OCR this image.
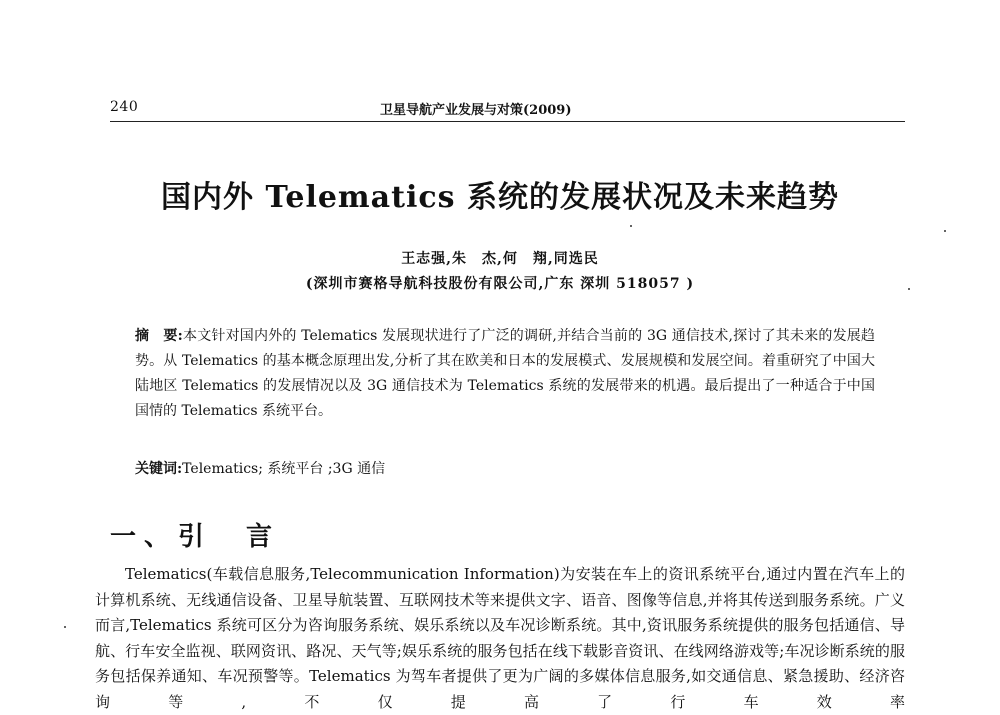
240	卫星导航产业发展与对策(2009)
国内外 Telematics 系统的发展状况及未来趋势
王志强,朱　杰,何　翔,同选民
(深圳市赛格导航科技股份有限公司,广东 深圳 518057 )
摘　要:本文针对国内外的 Telematics 发展现状进行了广泛的调研,并结合当前的 3G 通信技术,探讨了其未来的发展趋势。从 Telematics 的基本概念原理出发,分析了其在欧美和日本的发展模式、发展规模和发展空间。着重研究了中国大陆地区 Telematics 的发展情况以及 3G 通信技术为 Telematics 系统的发展带来的机遇。最后提出了一种适合于中国国情的 Telematics 系统平台。
关键词:Telematics; 系统平台 ;3G 通信
一、引　言

Telematics(车载信息服务,Telecommunication Information)为安装在车上的资讯系统平台,通过内置在汽车上的计算机系统、无线通信设备、卫星导航装置、互联网技术等来提供文字、语音、图像等信息,并将其传送到服务系统。广义而言,Telematics 系统可区分为咨询服务系统、娱乐系统以及车况诊断系统。其中,资讯服务系统提供的服务包括通信、导航、行车安全监视、联网资讯、路况、天气等;娱乐系统的服务包括在线下载影音资讯、在线网络游戏等;车况诊断系统的服务包括保养通知、车况预警等。Telematics 为驾车者提供了更为广阔的多媒体信息服务,如交通信息、紧急援助、经济咨询等,不仅提高了行车效率
